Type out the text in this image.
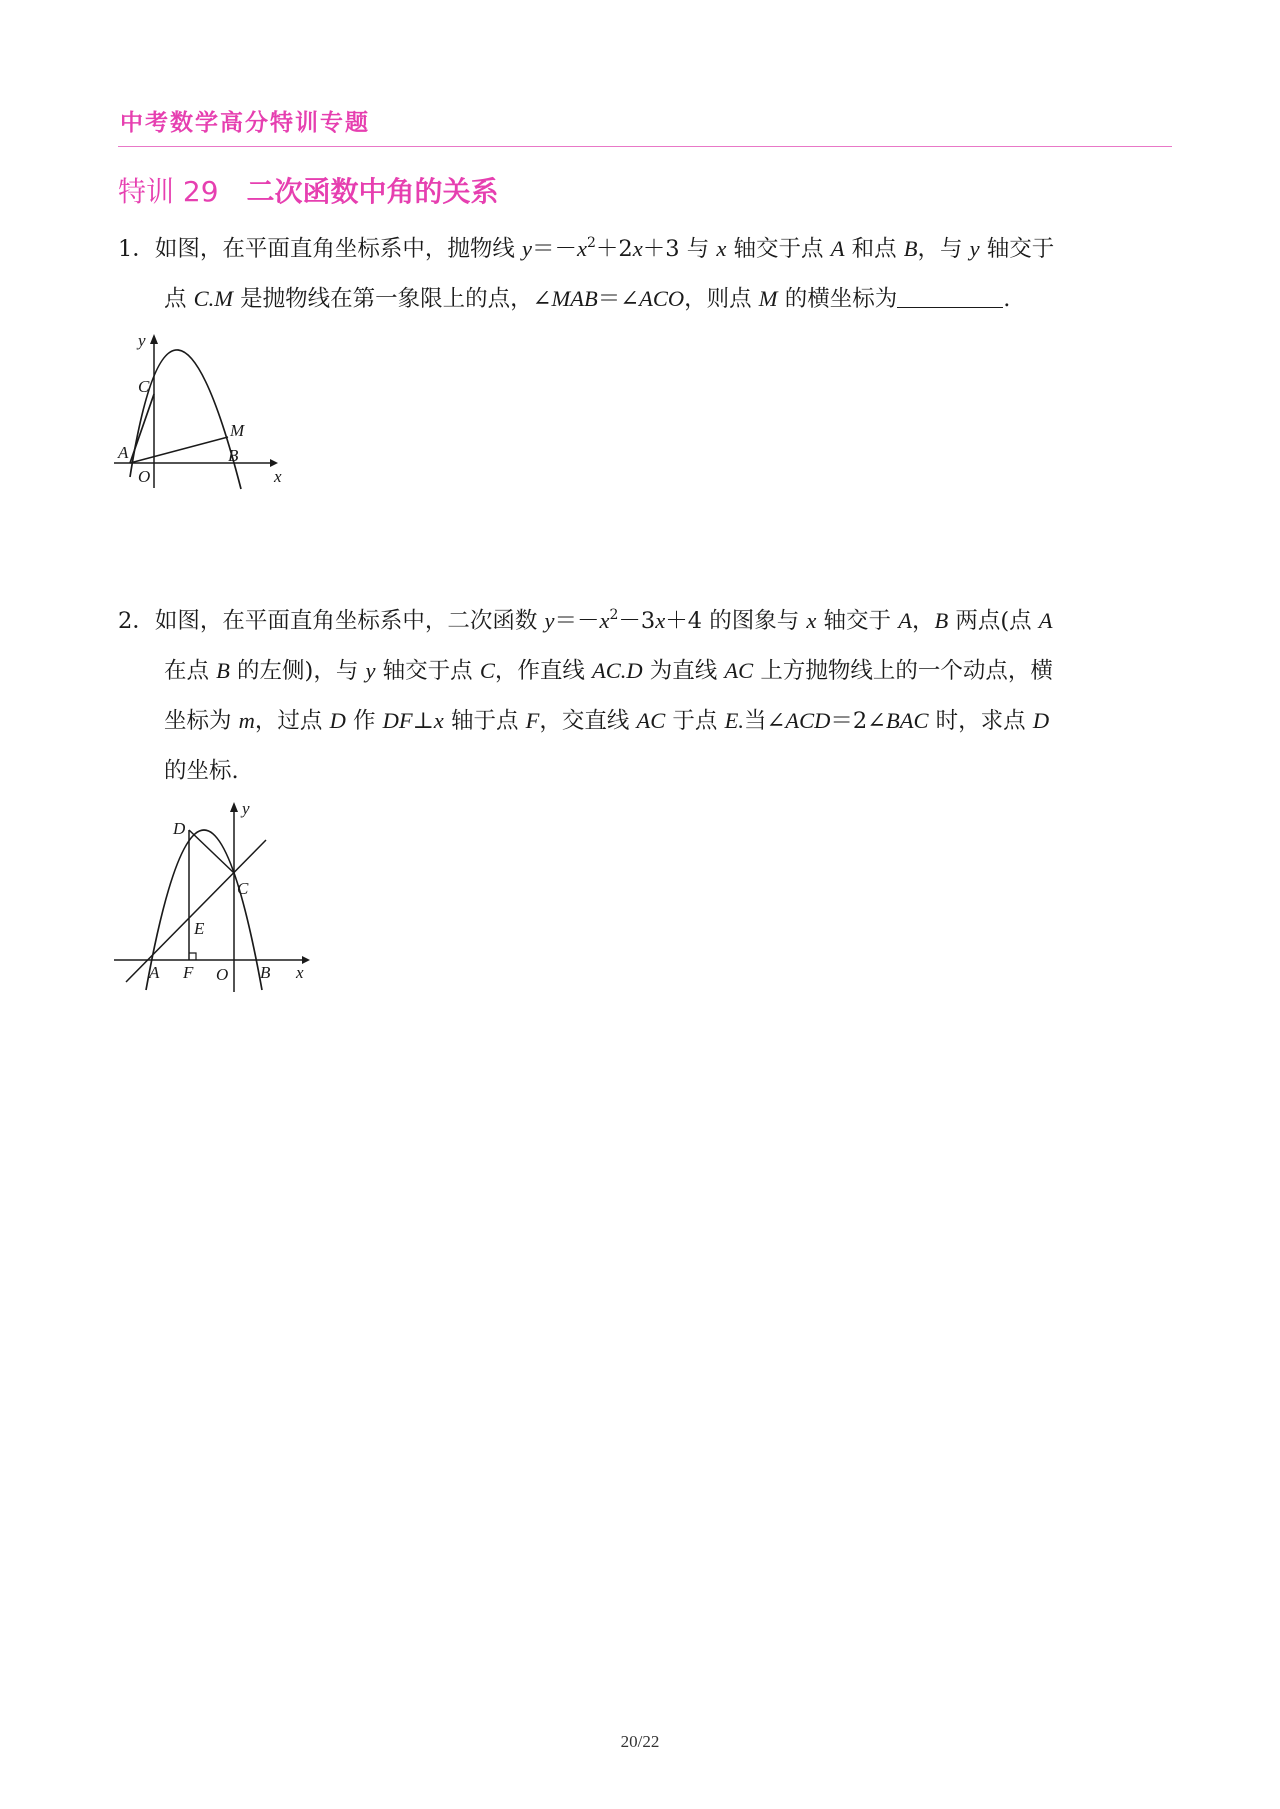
中考数学高分特训专题
特训 29 二次函数中角的关系

1．如图，在平面直角坐标系中，抛物线 $y=-x^2+2x+3$ 与 x 轴交于点 A 和点 B，与 y 轴交于

点 C.M 是抛物线在第一象限上的点，∠MAB＝∠ACO，则点 M 的横坐标为	.

y
x
C
M
A	B
O

2．如图，在平面直角坐标系中，二次函数 $y=-x^2-3x+4$ 的图象与 x 轴交于 A，B 两点(点 A

在点 B 的左侧)，与 y 轴交于点 C，作直线 AC.D 为直线 AC 上方抛物线上的一个动点，横

坐标为 m，过点 D 作 DF⊥x 轴于点 F，交直线 AC 于点 E.当∠ACD＝2∠BAC 时，求点 D

的坐标.

y
x
D
C
E
A F O B
20/22
